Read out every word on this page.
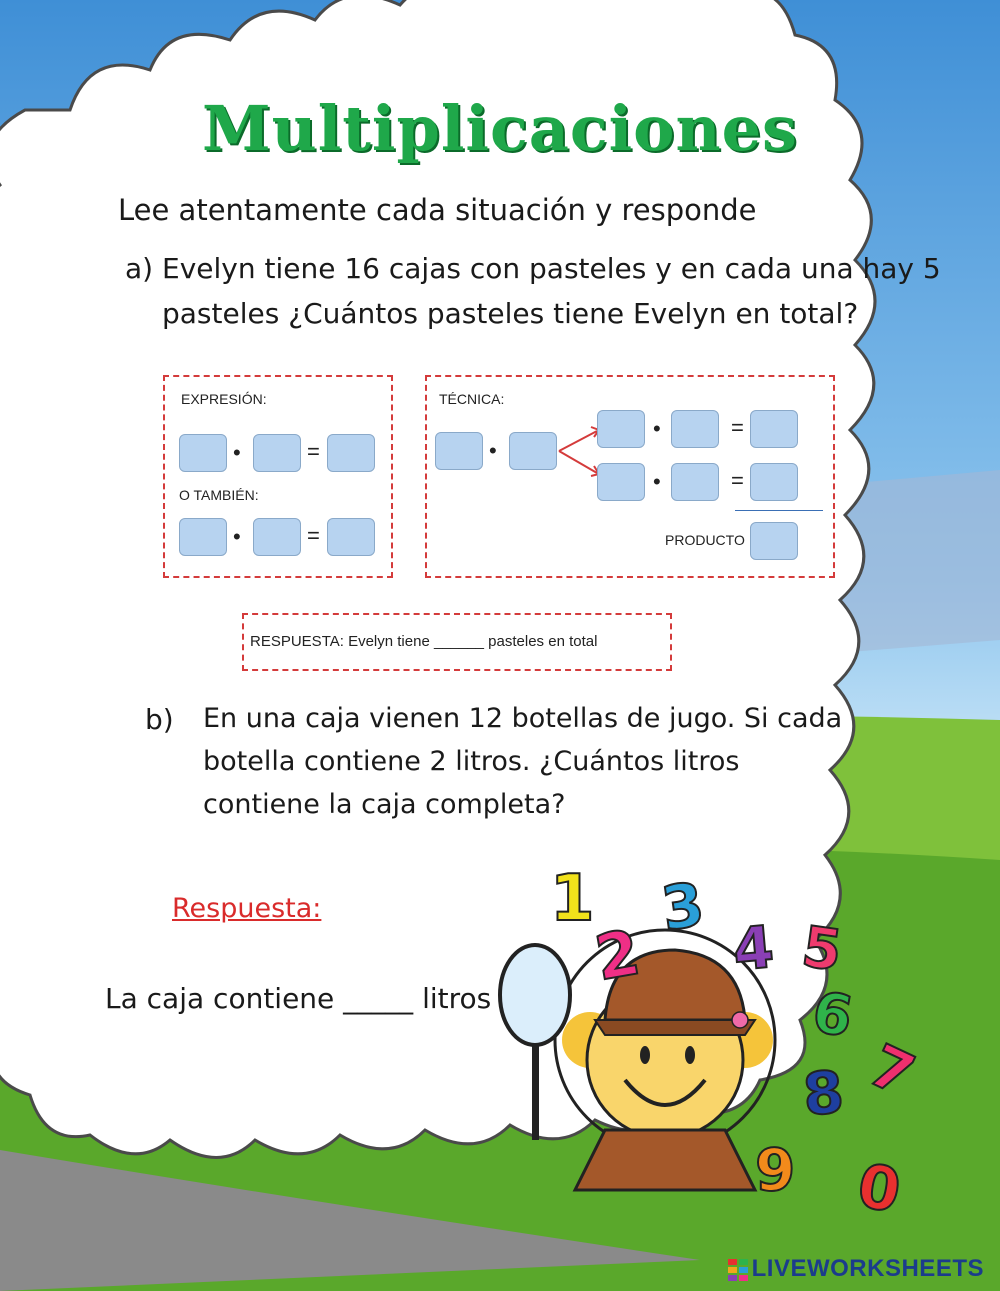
Multiplicaciones
Lee atentamente cada situación y responde
a) Evelyn tiene 16 cajas con pasteles y en cada una hay 5
pasteles ¿Cuántos pasteles tiene Evelyn en total?
EXPRESIÓN:
•	=
O TAMBIÉN:
•	=
TÉCNICA:
•
•	=
•	=
PRODUCTO
RESPUESTA: Evelyn tiene ______ pasteles en total
b) En una caja vienen 12 botellas de jugo. Si cada
botella contiene 2 litros. ¿Cuántos litros
contiene la caja completa?
Respuesta:
La caja contiene _____ litros
1
2
3
4 5
6
7
8
9 0
LIVEWORKSHEETS
